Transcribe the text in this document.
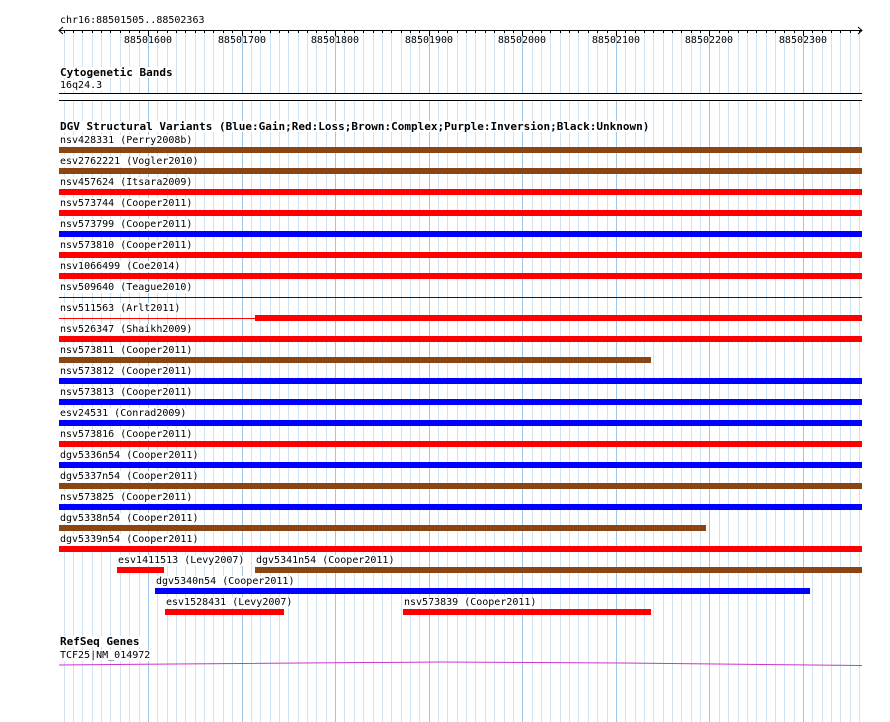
chr16:88501505..88502363
88501600	88501700	88501800	88501900	88502000	88502100	88502200	88502300
Cytogenetic Bands
16q24.3
DGV Structural Variants (Blue:Gain;Red:Loss;Brown:Complex;Purple:Inversion;Black:Unknown)
nsv428331 (Perry2008b)
esv2762221 (Vogler2010)
nsv457624 (Itsara2009)
nsv573744 (Cooper2011)
nsv573799 (Cooper2011)
nsv573810 (Cooper2011)
nsv1066499 (Coe2014)
nsv509640 (Teague2010)
nsv511563 (Arlt2011)
nsv526347 (Shaikh2009)
nsv573811 (Cooper2011)
nsv573812 (Cooper2011)
nsv573813 (Cooper2011)
esv24531 (Conrad2009)
nsv573816 (Cooper2011)
dgv5336n54 (Cooper2011)
dgv5337n54 (Cooper2011)
nsv573825 (Cooper2011)
dgv5338n54 (Cooper2011)
dgv5339n54 (Cooper2011)
esv1411513 (Levy2007) dgv5341n54 (Cooper2011)
dgv5340n54 (Cooper2011)
esv1528431 (Levy2007)	nsv573839 (Cooper2011)
RefSeq Genes
TCF25|NM_014972
